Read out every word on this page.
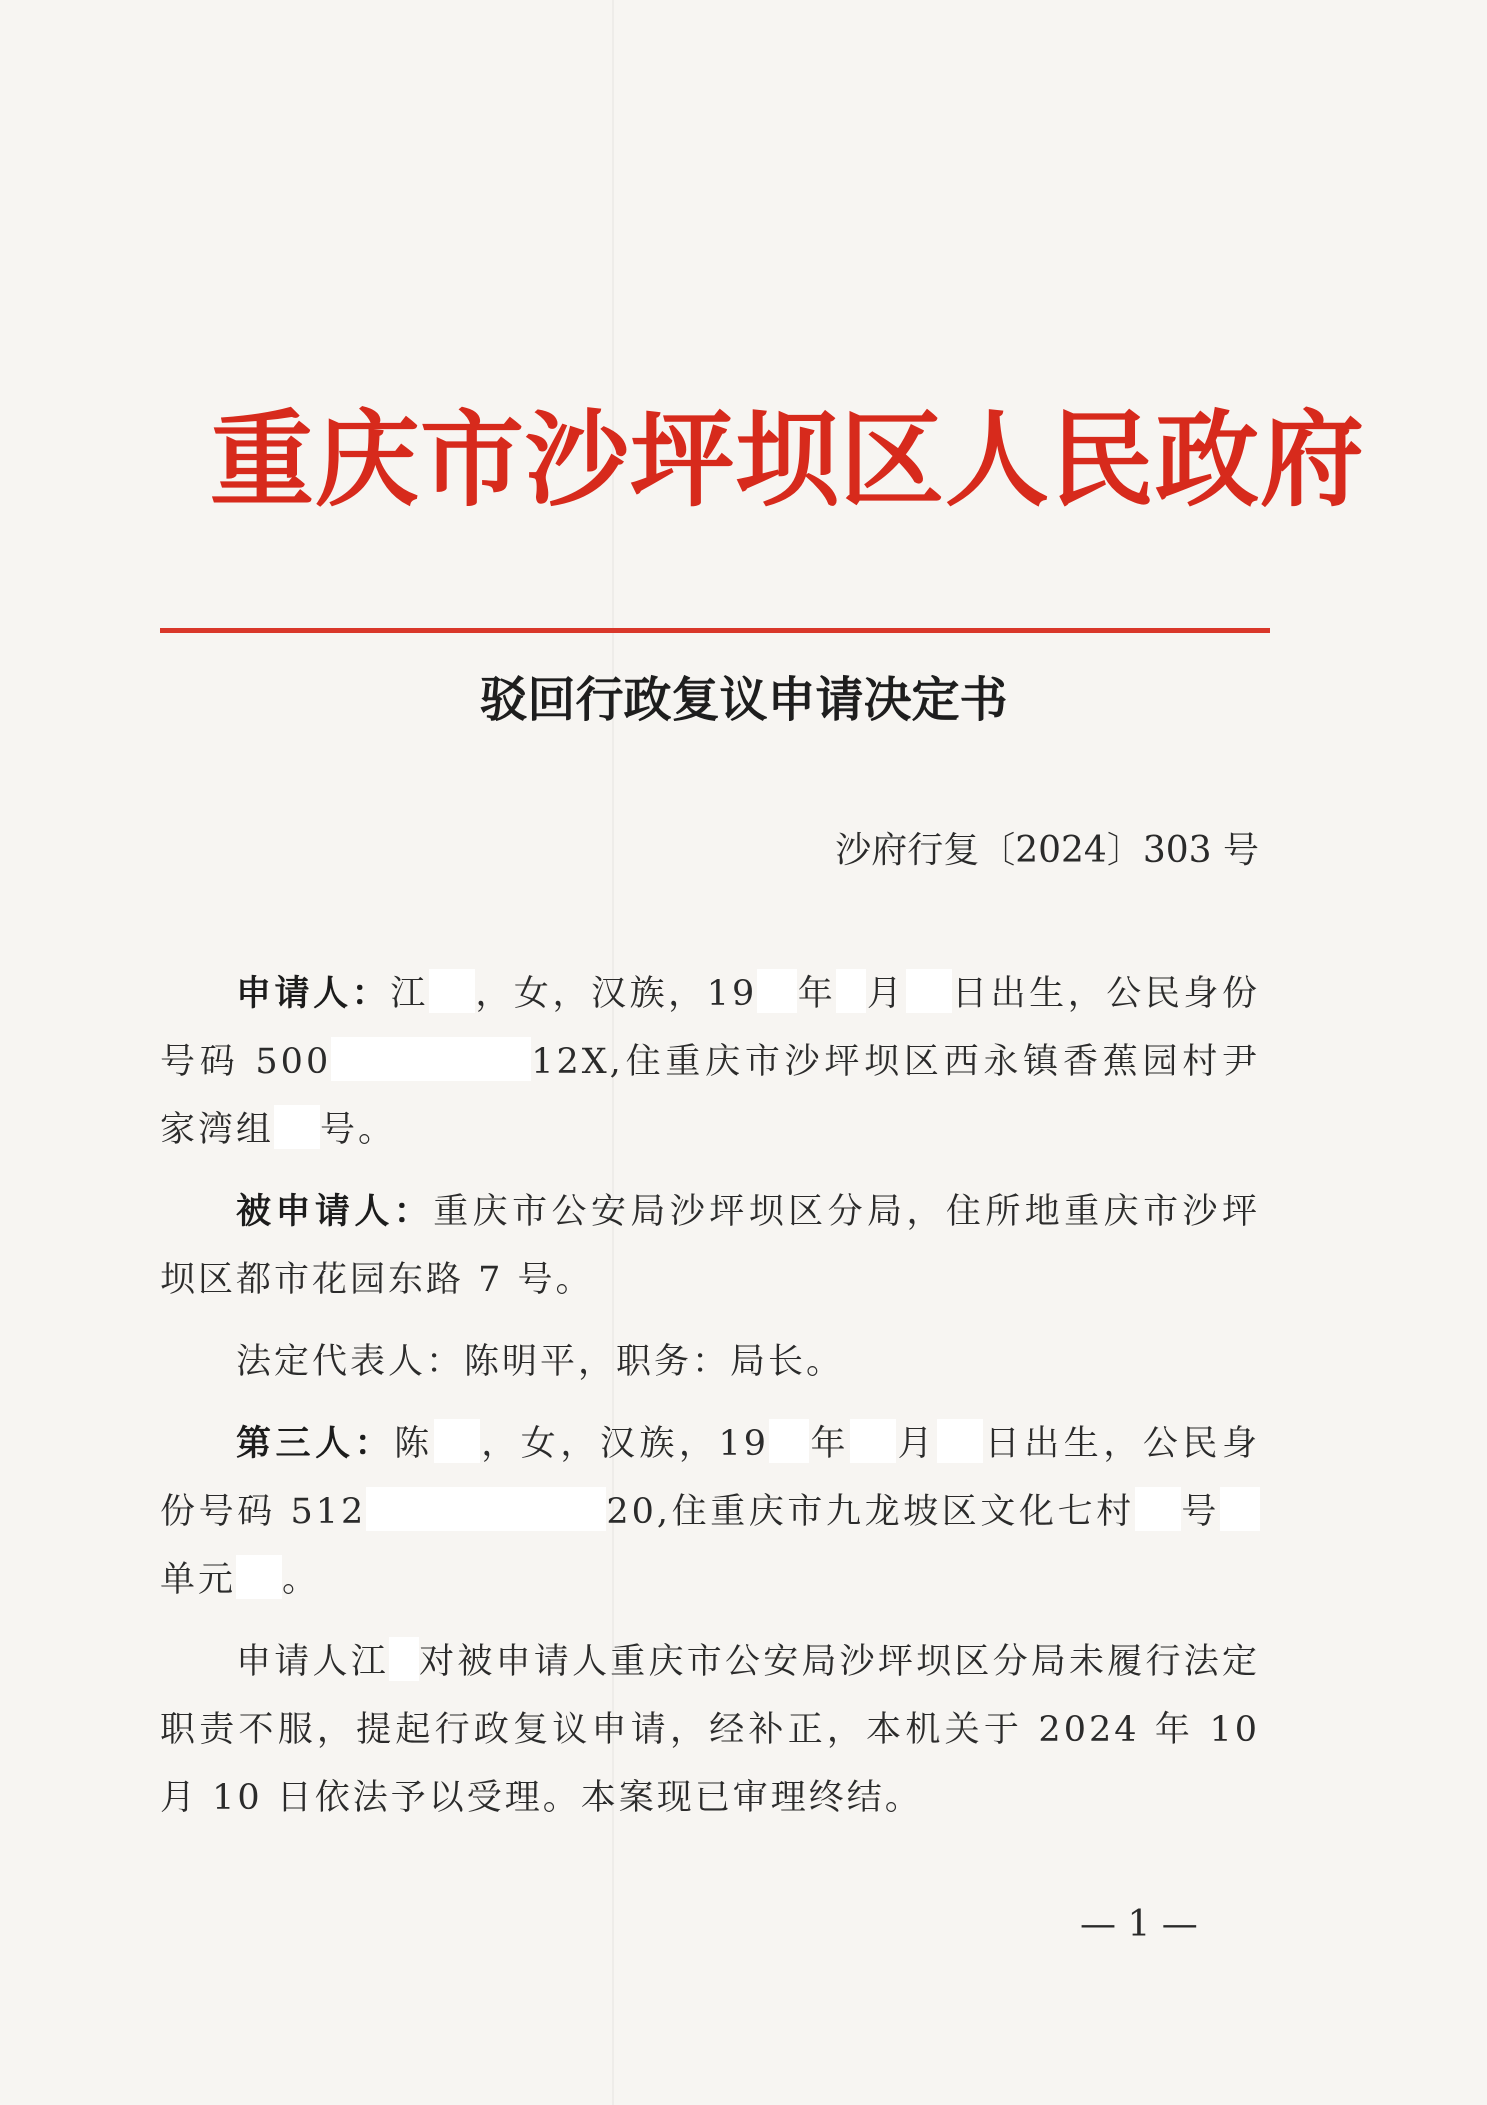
重庆市沙坪坝区人民政府
驳回行政复议申请决定书
沙府行复〔2024〕303 号

申请人：江 ，女，汉族，19 年 月 日出生，公民身份号码 500	12X,住重庆市沙坪坝区西永镇香蕉园村尹家湾组 号。

被申请人：重庆市公安局沙坪坝区分局，住所地重庆市沙坪坝区都市花园东路 7 号。

法定代表人：陈明平，职务：局长。

第三人：陈 ，女，汉族，19 年 月 日出生，公民身份号码 512	20,住重庆市九龙坡区文化七村 号单元 。

申请人江 对被申请人重庆市公安局沙坪坝区分局未履行法定职责不服，提起行政复议申请，经补正，本机关于 2024 年 10 月 10 日依法予以受理。本案现已审理终结。

— 1 —
